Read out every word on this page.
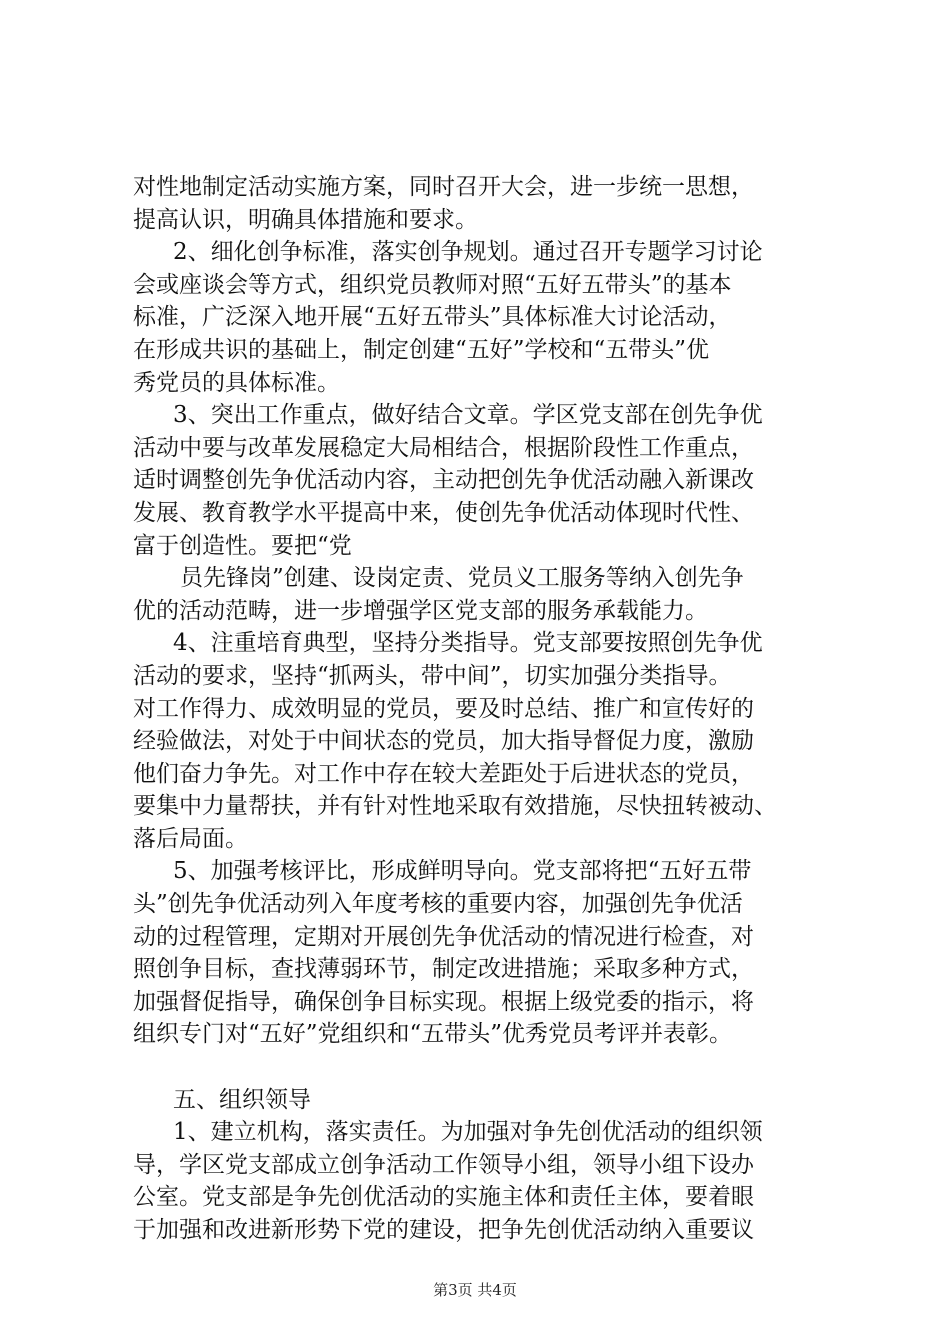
对性地制定活动实施方案，同时召开大会，进一步统一思想，
提高认识，明确具体措施和要求。
2、细化创争标准，落实创争规划。通过召开专题学习讨论
会或座谈会等方式，组织党员教师对照“五好五带头”的基本
标准，广泛深入地开展“五好五带头”具体标准大讨论活动，
在形成共识的基础上，制定创建“五好”学校和“五带头”优
秀党员的具体标准。
3、突出工作重点，做好结合文章。学区党支部在创先争优
活动中要与改革发展稳定大局相结合，根据阶段性工作重点，
适时调整创先争优活动内容，主动把创先争优活动融入新课改
发展、教育教学水平提高中来，使创先争优活动体现时代性、
富于创造性。要把“党
员先锋岗”创建、设岗定责、党员义工服务等纳入创先争
优的活动范畴，进一步增强学区党支部的服务承载能力。
4、注重培育典型，坚持分类指导。党支部要按照创先争优
活动的要求，坚持“抓两头，带中间”，切实加强分类指导。
对工作得力、成效明显的党员，要及时总结、推广和宣传好的
经验做法，对处于中间状态的党员，加大指导督促力度，激励
他们奋力争先。对工作中存在较大差距处于后进状态的党员，
要集中力量帮扶，并有针对性地采取有效措施，尽快扭转被动、
落后局面。
5、加强考核评比，形成鲜明导向。党支部将把“五好五带
头”创先争优活动列入年度考核的重要内容，加强创先争优活
动的过程管理，定期对开展创先争优活动的情况进行检查，对
照创争目标，查找薄弱环节，制定改进措施；采取多种方式，
加强督促指导，确保创争目标实现。根据上级党委的指示，将
组织专门对“五好”党组织和“五带头”优秀党员考评并表彰。
五、组织领导
1、建立机构，落实责任。为加强对争先创优活动的组织领
导，学区党支部成立创争活动工作领导小组，领导小组下设办
公室。党支部是争先创优活动的实施主体和责任主体，要着眼
于加强和改进新形势下党的建设，把争先创优活动纳入重要议
第3页 共4页
